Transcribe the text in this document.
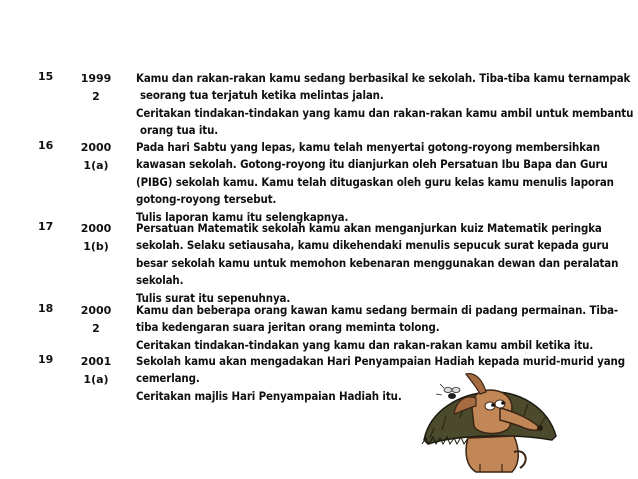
15	1999
2
Kamu dan rakan-rakan kamu sedang berbasikal ke sekolah. Tiba-tiba kamu ternampak
seorang tua terjatuh ketika melintas jalan.
Ceritakan tindakan-tindakan yang kamu dan rakan-rakan kamu ambil untuk membantu
orang tua itu.
16	2000
1(a)
Pada hari Sabtu yang lepas, kamu telah menyertai gotong-royong membersihkan
kawasan sekolah. Gotong-royong itu dianjurkan oleh Persatuan Ibu Bapa dan Guru
(PIBG) sekolah kamu. Kamu telah ditugaskan oleh guru kelas kamu menulis laporan
gotong-royong tersebut.
Tulis laporan kamu itu selengkapnya.
17	2000
1(b)
Persatuan Matematik sekolah kamu akan menganjurkan kuiz Matematik peringka
sekolah. Selaku setiausaha, kamu dikehendaki menulis sepucuk surat kepada guru
besar sekolah kamu untuk memohon kebenaran menggunakan dewan dan peralatan
sekolah.
Tulis surat itu sepenuhnya.
18	2000
2
Kamu dan beberapa orang kawan kamu sedang bermain di padang permainan. Tiba-
tiba kedengaran suara jeritan orang meminta tolong.
Ceritakan tindakan-tindakan yang kamu dan rakan-rakan kamu ambil ketika itu.
19	2001
1(a)
Sekolah kamu akan mengadakan Hari Penyampaian Hadiah kepada murid-murid yang
cemerlang.
Ceritakan majlis Hari Penyampaian Hadiah itu.
